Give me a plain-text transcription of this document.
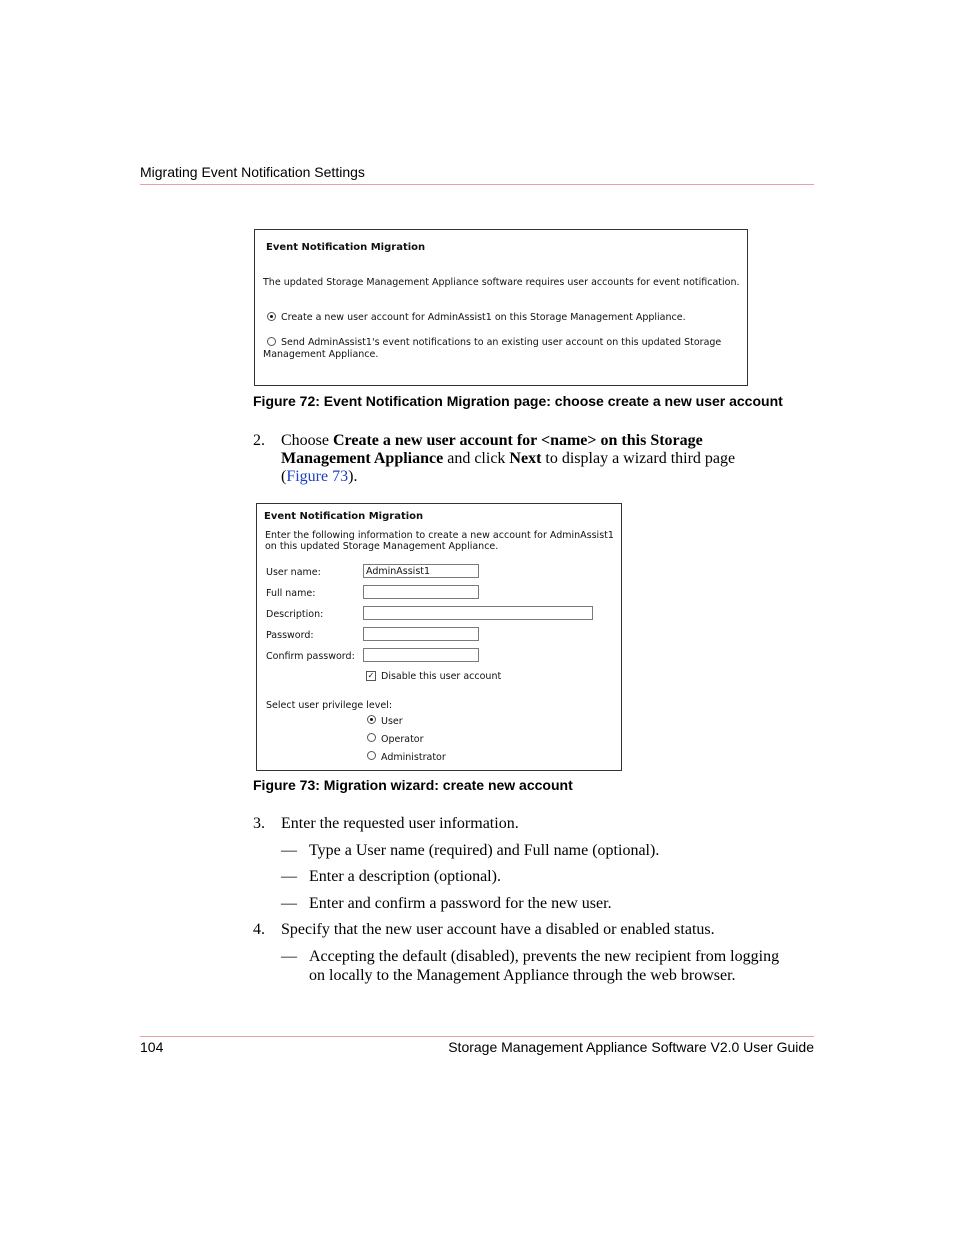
Migrating Event Notification Settings
Event Notification Migration
The updated Storage Management Appliance software requires user accounts for event notification.
Create a new user account for AdminAssist1 on this Storage Management Appliance.
Send AdminAssist1's event notifications to an existing user account on this updated Storage
Management Appliance.
Figure 72: Event Notification Migration page: choose create a new user account
2. Choose Create a new user account for <name> on this Storage
Management Appliance and click Next to display a wizard third page
(Figure 73).
Event Notification Migration
Enter the following information to create a new account for AdminAssist1
on this updated Storage Management Appliance.
User name:	AdminAssist1
Full name:
Description:
Password:
Confirm password:
✓ Disable this user account
Select user privilege level:
User
Operator
Administrator
Figure 73: Migration wizard: create new account
3. Enter the requested user information.
— Type a User name (required) and Full name (optional).
— Enter a description (optional).
— Enter and confirm a password for the new user.
4. Specify that the new user account have a disabled or enabled status.
— Accepting the default (disabled), prevents the new recipient from logging
on locally to the Management Appliance through the web browser.
104	Storage Management Appliance Software V2.0 User Guide
